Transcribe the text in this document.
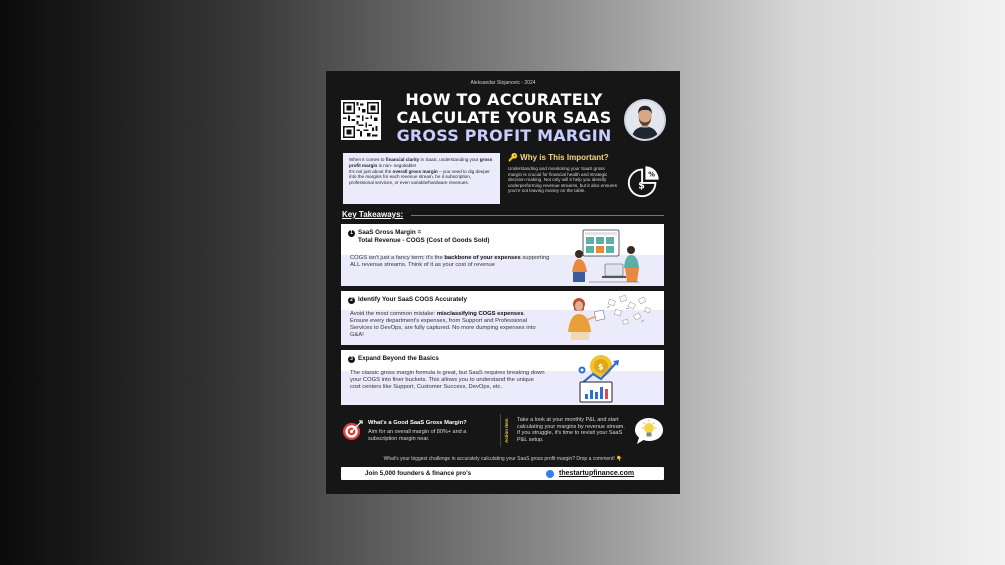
Aleksandar Stojanovic - 2024
HOW TO ACCURATELY
CALCULATE YOUR SAAS
GROSS PROFIT MARGIN

When it comes to financial clarity in SaaS, understanding your gross profit margin is non- negotiable!

It's not just about the overall gross margin – you need to dig deeper into the margins for each revenue stream, be it subscription, professional services, or even variable/hardware revenues.

🔑 Why is This Important?
Understanding and monitoring your SaaS gross margin is crucial for financial health and strategic decision-making. Not only will it help you identify underperforming revenue streams, but it also ensures you're not leaving money on the table.
%
$
Key Takeaways:
1 SaaS Gross Margin =
Total Revenue - COGS (Cost of Goods Sold)
COGS isn't just a fancy term; it's the backbone of your expenses supporting ALL revenue streams. Think of it as your cost of revenue
2 Identify Your SaaS COGS Accurately
Avoid the most common mistake: misclassifying COGS expenses. Ensure every department's expenses, from Support and Professional Services to DevOps, are fully captured. No more dumping expenses into G&A!
3 Expand Beyond the Basics
The classic gross margin formula is great, but SaaS requires breaking down your COGS into finer buckets. This allows you to understand the unique cost centers like Support, Customer Success, DevOps, etc.
$
What's a Good SaaS Gross Margin?
Aim for an overall margin of 80%+ and a subscription margin near.	Action Item Take a look at your monthly P&L and start calculating your margins by revenue stream. If you struggle, it's time to revisit your SaaS P&L setup.
What's your biggest challenge in accurately calculating your SaaS gross profit margin? Drop a comment! 👇
Join 5,000 founders & finance pro's	thestartupfinance.com
